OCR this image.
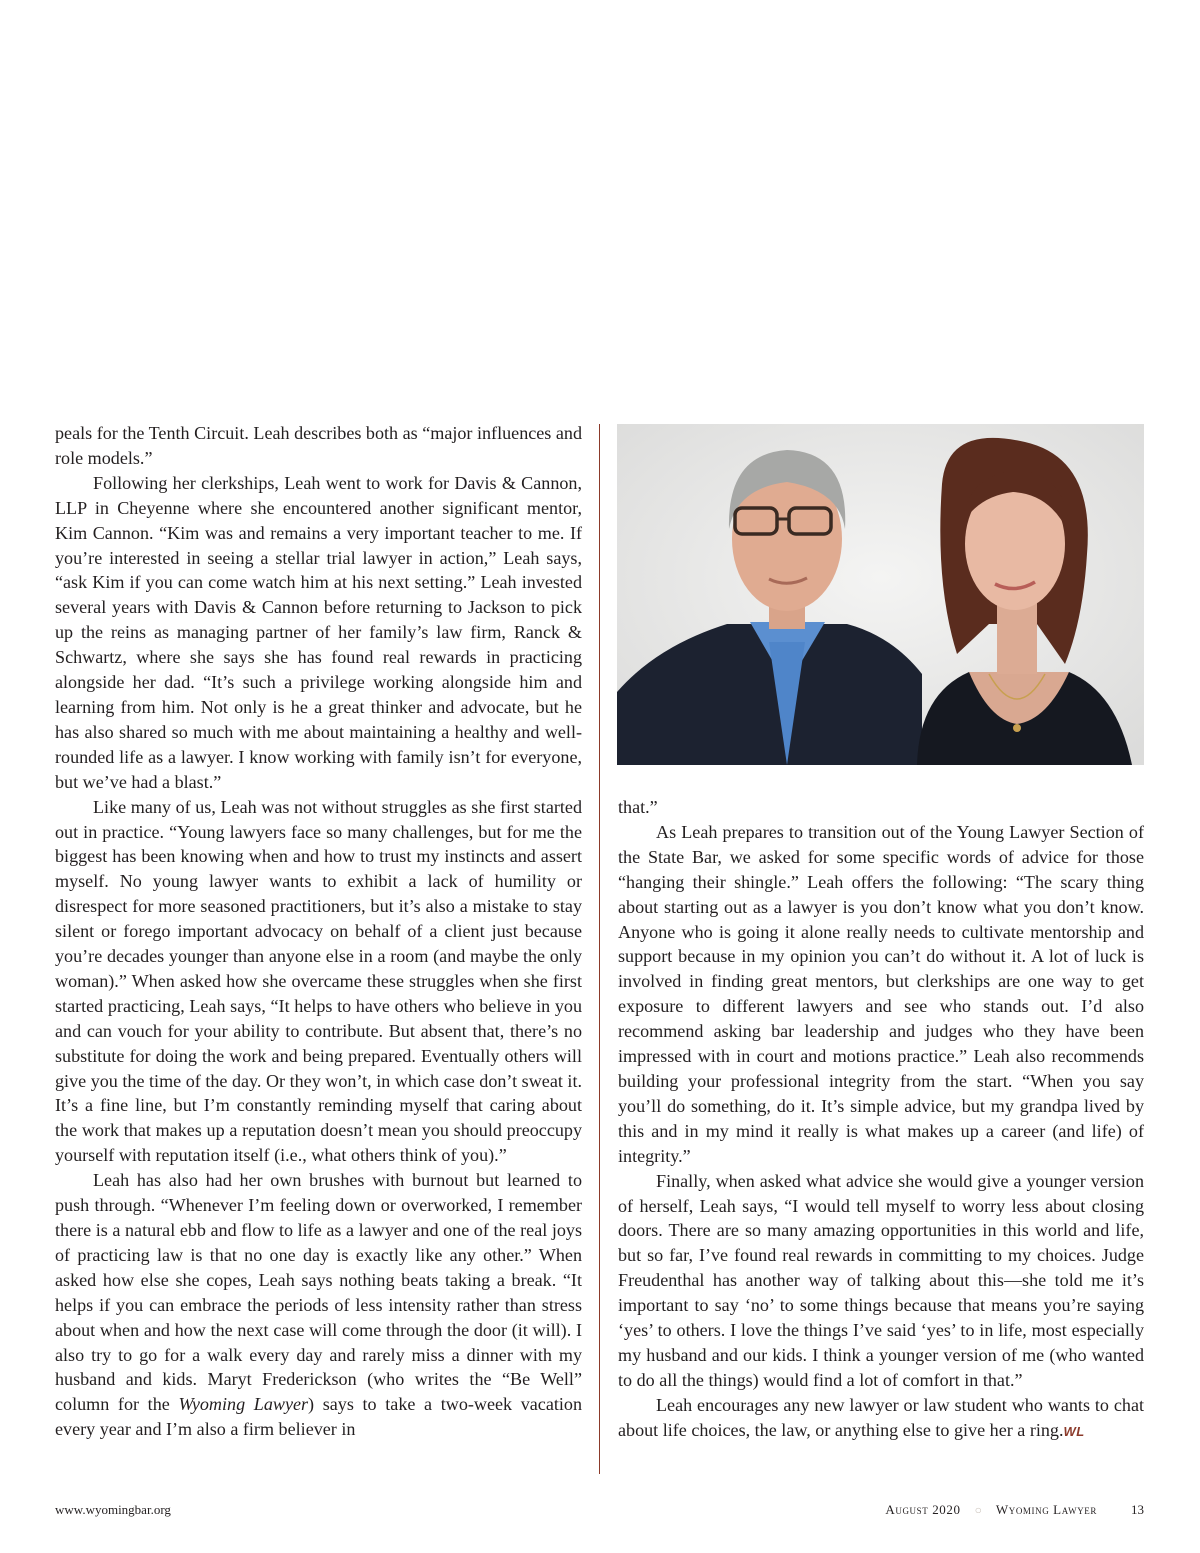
peals for the Tenth Circuit. Leah describes both as “major influences and role models.”

Following her clerkships, Leah went to work for Davis & Cannon, LLP in Cheyenne where she encountered another significant mentor, Kim Cannon. “Kim was and remains a very important teacher to me. If you’re interested in seeing a stellar trial lawyer in action,” Leah says, “ask Kim if you can come watch him at his next setting.” Leah invested several years with Davis & Cannon before returning to Jackson to pick up the reins as managing partner of her family’s law firm, Ranck & Schwartz, where she says she has found real rewards in practicing alongside her dad. “It’s such a privilege working alongside him and learning from him. Not only is he a great thinker and advocate, but he has also shared so much with me about maintaining a healthy and well-rounded life as a lawyer. I know working with family isn’t for everyone, but we’ve had a blast.”

Like many of us, Leah was not without struggles as she first started out in practice. “Young lawyers face so many challenges, but for me the biggest has been knowing when and how to trust my instincts and assert myself. No young lawyer wants to exhibit a lack of humility or disrespect for more seasoned practitioners, but it’s also a mistake to stay silent or forego important advocacy on behalf of a client just because you’re decades younger than anyone else in a room (and maybe the only woman).” When asked how she overcame these struggles when she first started practicing, Leah says, “It helps to have others who believe in you and can vouch for your ability to contribute. But absent that, there’s no substitute for doing the work and being prepared. Eventually others will give you the time of the day. Or they won’t, in which case don’t sweat it. It’s a fine line, but I’m constantly reminding myself that caring about the work that makes up a reputation doesn’t mean you should preoccupy yourself with reputation itself (i.e., what others think of you).”

Leah has also had her own brushes with burnout but learned to push through. “Whenever I’m feeling down or overworked, I remember there is a natural ebb and flow to life as a lawyer and one of the real joys of practicing law is that no one day is exactly like any other.” When asked how else she copes, Leah says nothing beats taking a break. “It helps if you can embrace the periods of less intensity rather than stress about when and how the next case will come through the door (it will). I also try to go for a walk every day and rarely miss a dinner with my husband and kids. Maryt Frederickson (who writes the “Be Well” column for the Wyoming Lawyer) says to take a two-week vacation every year and I’m also a firm believer in

that.”

As Leah prepares to transition out of the Young Lawyer Section of the State Bar, we asked for some specific words of advice for those “hanging their shingle.” Leah offers the following: “The scary thing about starting out as a lawyer is you don’t know what you don’t know. Anyone who is going it alone really needs to cultivate mentorship and support because in my opinion you can’t do without it. A lot of luck is involved in finding great mentors, but clerkships are one way to get exposure to different lawyers and see who stands out. I’d also recommend asking bar leadership and judges who they have been impressed with in court and motions practice.” Leah also recommends building your professional integrity from the start. “When you say you’ll do something, do it. It’s simple advice, but my grandpa lived by this and in my mind it really is what makes up a career (and life) of integrity.”

Finally, when asked what advice she would give a younger version of herself, Leah says, “I would tell myself to worry less about closing doors. There are so many amazing opportunities in this world and life, but so far, I’ve found real rewards in committing to my choices. Judge Freudenthal has another way of talking about this—she told me it’s important to say ‘no’ to some things because that means you’re saying ‘yes’ to others. I love the things I’ve said ‘yes’ to in life, most especially my husband and our kids. I think a younger version of me (who wanted to do all the things) would find a lot of comfort in that.”

Leah encourages any new lawyer or law student who wants to chat about life choices, the law, or anything else to give her a ring.WL

www.wyomingbar.org	August 2020 ○ Wyoming Lawyer	13
